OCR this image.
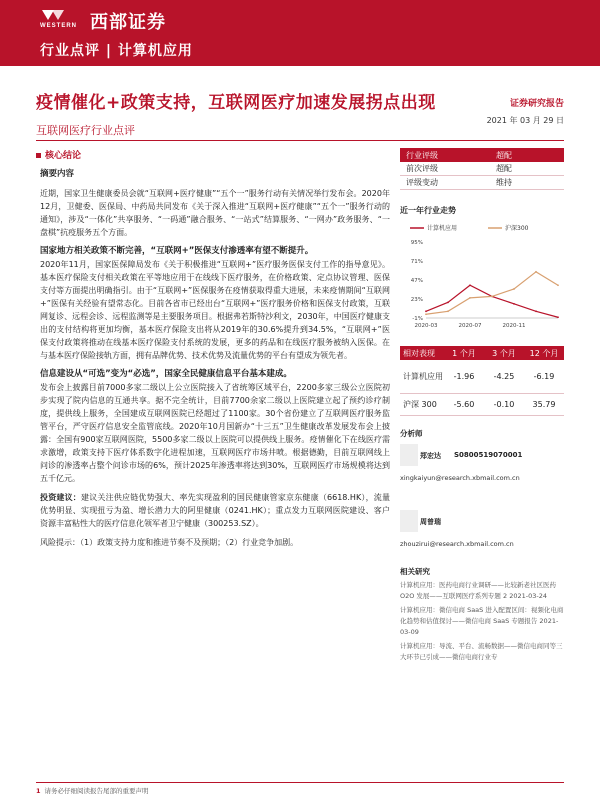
WESTERN 西部证券
行业点评 | 计算机应用
疫情催化+政策支持，互联网医疗加速发展拐点出现	证券研究报告
互联网医疗行业点评
2021 年 03 月 29 日
核心结论
摘要内容
近期，国家卫生健康委员会就“互联网+医疗健康”“五个一”服务行动有关情况举行发布会。2020年12月，卫健委、医保局、中药局共同发布《关于深入推进“互联网+医疗健康”“五个一”服务行动的通知》，涉及“一体化”共享服务、“一码通”融合服务、“一站式”结算服务、“一网办”政务服务、“一盘棋”抗疫服务五个方面。
国家地方相关政策不断完善，“互联网+”医保支付渗透率有望不断提升。
2020年11月，国家医保障局发布《关于积极推进“互联网+”医疗服务医保支付工作的指导意见》。基本医疗保险支付相关政策在平等地应用于在线线下医疗服务，在价格政策、定点协议管理、医保支付等方面提出明确指引。由于“互联网+”医保服务在疫情获取得重大进展，未来疫情期间“互联网+”医保有关经验有望常态化。目前各省市已经出台“互联网+”医疗服务价格和医保支付政策，互联网复诊、远程会诊、远程监测等是主要服务项目。根据弗若斯特沙利文，2030年，中国医疗健康支出的支付结构将更加均衡，基本医疗保险支出将从2019年的30.6%提升到34.5%，“互联网+”医保支付政策将推动在线基本医疗保险支付系统的发展，更多的药品和在线医疗服务被纳入医保。在与基本医疗保险接轨方面，拥有品牌优势、技术优势及流量优势的平台有望成为领先者。
信息建设从“可选”变为“必选”，国家全民健康信息平台基本建成。
发布会上披露目前7000多家二级以上公立医院接入了省统筹区域平台，2200多家三级公立医院初步实现了院内信息的互通共享。据不完全统计，目前7700余家二级以上医院建立起了预约诊疗制度，提供线上服务，全国建成互联网医院已经超过了1100家。30个省份建立了互联网医疗服务监管平台，严守医疗信息安全监管底线。2020年10月国新办“十三五”卫生健康改革发展发布会上披露：全国有900家互联网医院，5500多家二级以上医院可以提供线上服务。疫情催化下在线医疗需求激增，政策支持下医疗体系数字化进程加速，互联网医疗市场井喷。根据德勤，目前互联网线上问诊的渗透率占整个问诊市场的6%，预计2025年渗透率将达到30%，互联网医疗市场规模将达到五千亿元。
投资建议：建议关注供应链优势强大、率先实现盈利的国民健康管家京东健康（6618.HK），流量优势明显、实现扭亏为盈、增长潜力大的阿里健康（0241.HK）；重点发力互联网医院建设、客户资源丰富粘性大的医疗信息化领军者卫宁健康（300253.SZ）。
风险提示：（1）政策支持力度和推进节奏不及预期；（2）行业竞争加剧。
行业评级	超配
前次评级	超配
评级变动	维持
近一年行业走势
计算机应用	沪深300
95%
71%
47%
23%
-1%
2020-03	2020-07	2020-11
相对表现	1 个月	3 个月	12 个月
计算机应用	-1.96	-4.25	-6.19
沪深 300	-5.60	-0.10	35.79
分析师
郑宏达 S0800519070001
xingkaiyun@research.xbmail.com.cn
周曾瑞
zhouzirui@research.xbmail.com.cn
相关研究
计算机应用：医药电商行业调研——比较新老社区医药 O2O 发展——互联网医疗系列专题 2 2021-03-24
计算机应用：微信电商 SaaS 进入配置区间：视频化电商化趋势和估值探讨——微信电商 SaaS 专题报告 2021-03-09
计算机应用：导流、平台、流畅数据——微信电商同等三大环节已引成——微信电商行业专
1 请务必仔细阅读报告尾部的重要声明
